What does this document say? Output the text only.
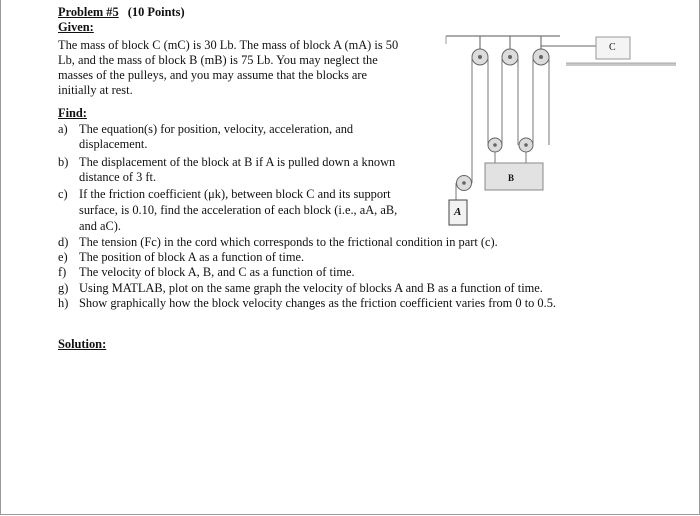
Problem #5 (10 Points)
Given:
The mass of block C (mC) is 30 Lb. The mass of block A (mA) is 50
Lb, and the mass of block B (mB) is 75 Lb. You may neglect the
masses of the pulleys, and you may assume that the blocks are
initially at rest.
Find:
a) The equation(s) for position, velocity, acceleration, and
displacement.
b) The displacement of the block at B if A is pulled down a known
distance of 3 ft.
c) If the friction coefficient (μk), between block C and its support
surface, is 0.10, find the acceleration of each block (i.e., aA, aB,
and aC).
d) The tension (Fc) in the cord which corresponds to the frictional condition in part (c).
e) The position of block A as a function of time.
f) The velocity of block A, B, and C as a function of time.
g) Using MATLAB, plot on the same graph the velocity of blocks A and B as a function of time.
h) Show graphically how the block velocity changes as the friction coefficient varies from 0 to 0.5.
Solution:
C
B
A
